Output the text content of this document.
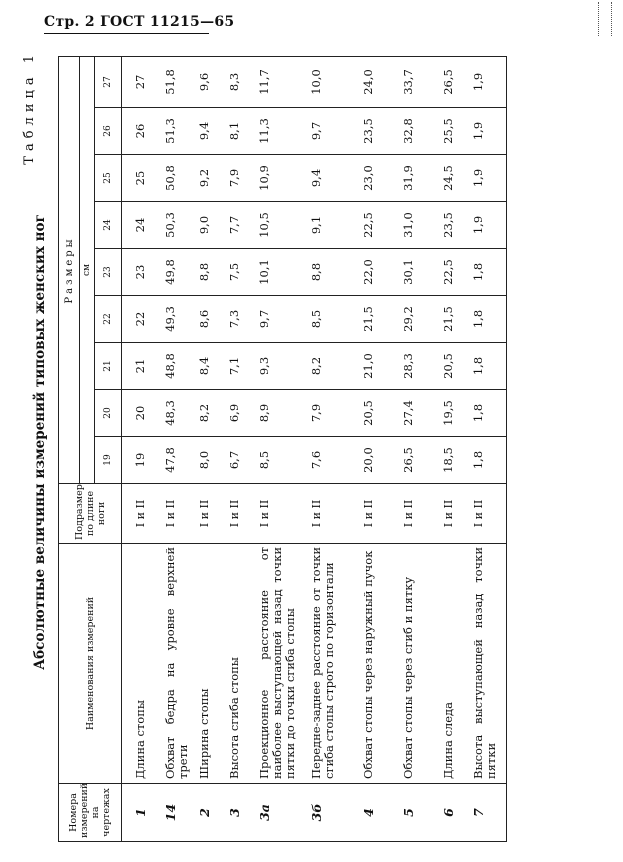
Стр. 2 ГОСТ 11215—65
Абсолютные величины измерений типовых женских ног
Таблица 1
Номера измерений на чертежах	Наименования измерений	Подразмер по длине ноги	Размеры								
			см								
			19	20	21	22	23	24	25	26	27

1	Длина стопы	I и II	19	20	21	22	23	24	25	26	27
14	Обхват бедра на уровне верхней трети	I и II	47,8	48,3	48,8	49,3	49,8	50,3	50,8	51,3	51,8
2	Ширина стопы	I и II	8,0	8,2	8,4	8,6	8,8	9,0	9,2	9,4	9,6
3	Высота сгиба стопы	I и II	6,7	6,9	7,1	7,3	7,5	7,7	7,9	8,1	8,3
3а	Проекционное расстояние от наиболее выступающей назад точки пятки до точки сгиба стопы	I и II	8,5	8,9	9,3	9,7	10,1	10,5	10,9	11,3	11,7
3б	Передне-заднее расстояние от точки сгиба стопы строго по горизонтали	I и II	7,6	7,9	8,2	8,5	8,8	9,1	9,4	9,7	10,0
4	Обхват стопы через наружный пучок	I и II	20,0	20,5	21,0	21,5	22,0	22,5	23,0	23,5	24,0
5	Обхват стопы через сгиб и пятку	I и II	26,5	27,4	28,3	29,2	30,1	31,0	31,9	32,8	33,7
6	Длина следа	I и II	18,5	19,5	20,5	21,5	22,5	23,5	24,5	25,5	26,5
7	Высота выступающей назад точки пятки	I и II	1,8	1,8	1,8	1,8	1,8	1,9	1,9	1,9	1,9
